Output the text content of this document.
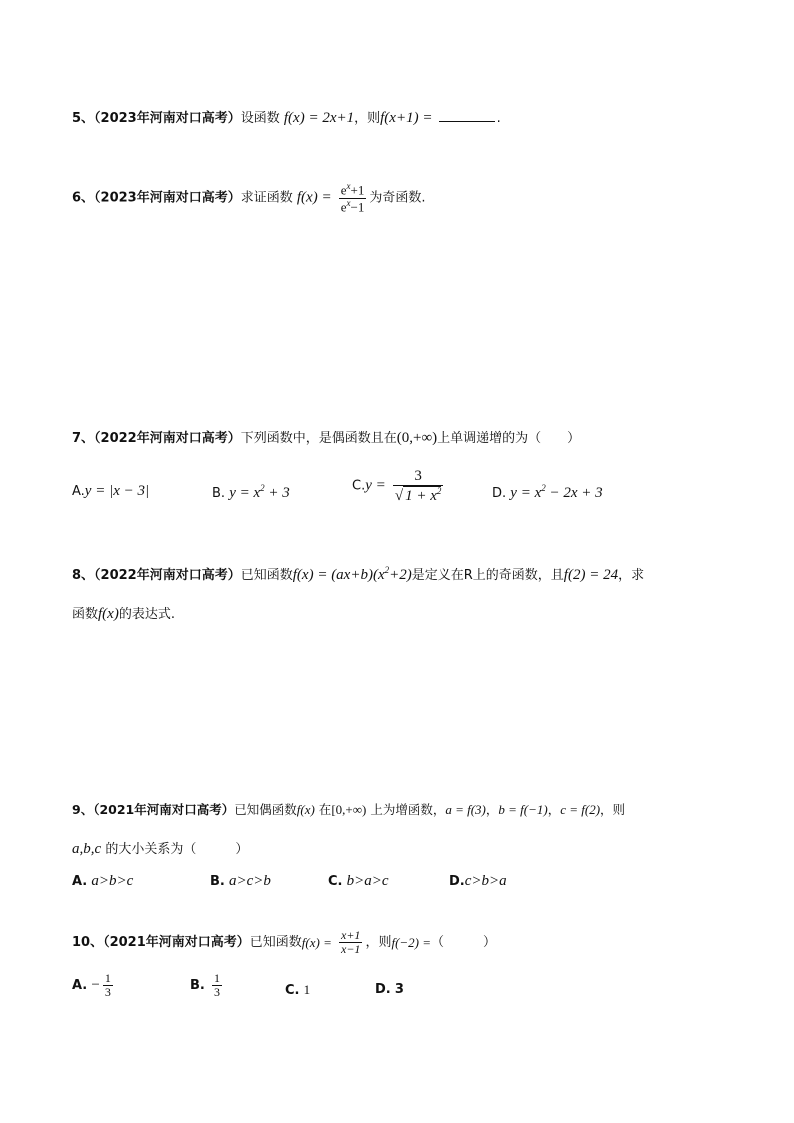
5、（2023年河南对口高考）设函数 f(x) = 2x+1，则f(x+1) =	.
6、（2023年河南对口高考）求证函数 $f(x) = \frac{e^x+1}{e^x-1}$ 为奇函数.
7、（2022年河南对口高考）下列函数中，是偶函数且在(0,+∞)上单调递增的为（　　）
A.y = |x − 3|	B. $y = x^2 + 3$	$C.y = \frac{3}{√ 1 + x^2}$	D. $y = x^2 - 2x + 3$
8、（2022年河南对口高考）已知函数$f(x) = (ax+b)(x^2+2)$是定义在R上的奇函数，且f(2) = 24，求
函数f(x)的表达式.
9、（2021年河南对口高考）已知偶函数f(x) 在[0,+∞) 上为增函数，a = f(3)，b = f(−1)，c = f(2)，则
a,b,c 的大小关系为（　　　）
A. a>b>c	B. a>c>b	C. b>a>c	D.c>b>a
10、（2021年河南对口高考）已知函数$f(x) = \frac{x+1}{x-1}$ ，则f(−2) =（　　　）
A. − $\frac{1}{3}$	B. $\frac{1}{3}$	C. 1	D. 3
